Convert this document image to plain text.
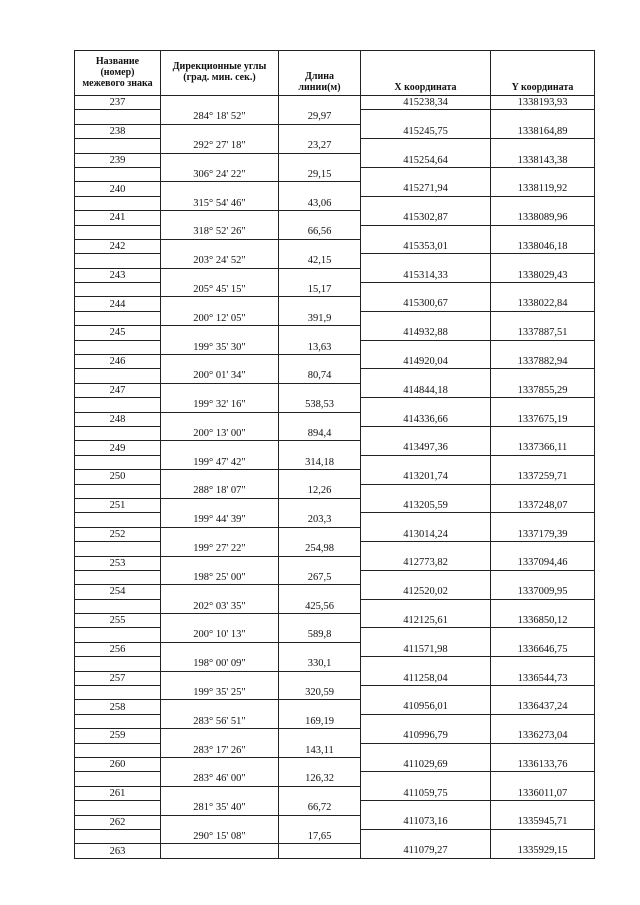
Название (номер) межевого знака	Дирекционные углы (град. мин. сек.)	Длина линии(м)	Х координата	Y координата
237			415238,34	1338193,93
	284° 18' 52"	29,97		
238			415245,75	1338164,89
	292° 27' 18"	23,27		
239			415254,64	1338143,38
	306° 24' 22"	29,15		
240			415271,94	1338119,92
	315° 54' 46"	43,06		
241			415302,87	1338089,96
	318° 52' 26"	66,56		
242			415353,01	1338046,18
	203° 24' 52"	42,15		
243			415314,33	1338029,43
	205° 45' 15"	15,17		
244			415300,67	1338022,84
	200° 12' 05"	391,9		
245			414932,88	1337887,51
	199° 35' 30"	13,63		
246			414920,04	1337882,94
	200° 01' 34"	80,74		
247			414844,18	1337855,29
	199° 32' 16"	538,53		
248			414336,66	1337675,19
	200° 13' 00"	894,4		
249			413497,36	1337366,11
	199° 47' 42"	314,18		
250			413201,74	1337259,71
	288° 18' 07"	12,26		
251			413205,59	1337248,07
	199° 44' 39"	203,3		
252			413014,24	1337179,39
	199° 27' 22"	254,98		
253			412773,82	1337094,46
	198° 25' 00"	267,5		
254			412520,02	1337009,95
	202° 03' 35"	425,56		
255			412125,61	1336850,12
	200° 10' 13"	589,8		
256			411571,98	1336646,75
	198° 00' 09"	330,1		
257			411258,04	1336544,73
	199° 35' 25"	320,59		
258			410956,01	1336437,24
	283° 56' 51"	169,19		
259			410996,79	1336273,04
	283° 17' 26"	143,11		
260			411029,69	1336133,76
	283° 46' 00"	126,32		
261			411059,75	1336011,07
	281° 35' 40"	66,72		
262			411073,16	1335945,71
	290° 15' 08"	17,65		
263			411079,27	1335929,15
